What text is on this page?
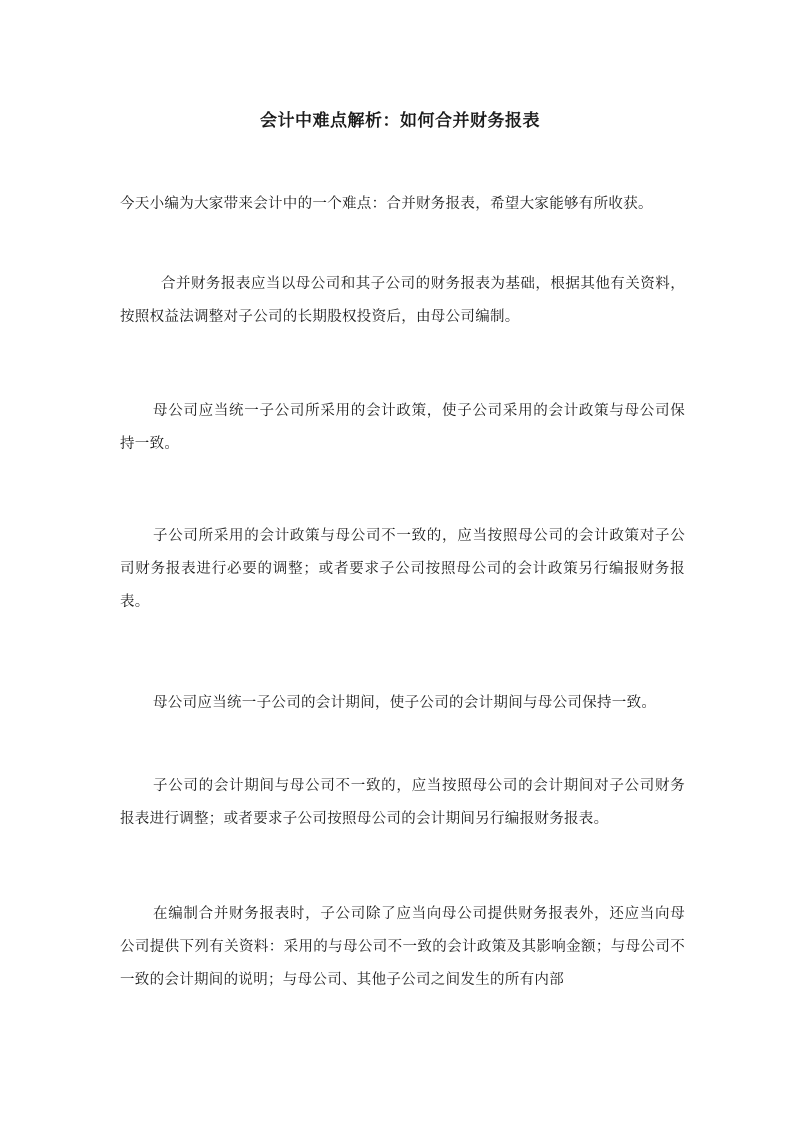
会计中难点解析：如何合并财务报表
今天小编为大家带来会计中的一个难点：合并财务报表，希望大家能够有所收获。
合并财务报表应当以母公司和其子公司的财务报表为基础，根据其他有关资料，按照权益法调整对子公司的长期股权投资后，由母公司编制。
母公司应当统一子公司所采用的会计政策，使子公司采用的会计政策与母公司保持一致。
子公司所采用的会计政策与母公司不一致的，应当按照母公司的会计政策对子公司财务报表进行必要的调整；或者要求子公司按照母公司的会计政策另行编报财务报表。
母公司应当统一子公司的会计期间，使子公司的会计期间与母公司保持一致。
子公司的会计期间与母公司不一致的，应当按照母公司的会计期间对子公司财务报表进行调整；或者要求子公司按照母公司的会计期间另行编报财务报表。
在编制合并财务报表时，子公司除了应当向母公司提供财务报表外，还应当向母公司提供下列有关资料：采用的与母公司不一致的会计政策及其影响金额；与母公司不一致的会计期间的说明；与母公司、其他子公司之间发生的所有内部
